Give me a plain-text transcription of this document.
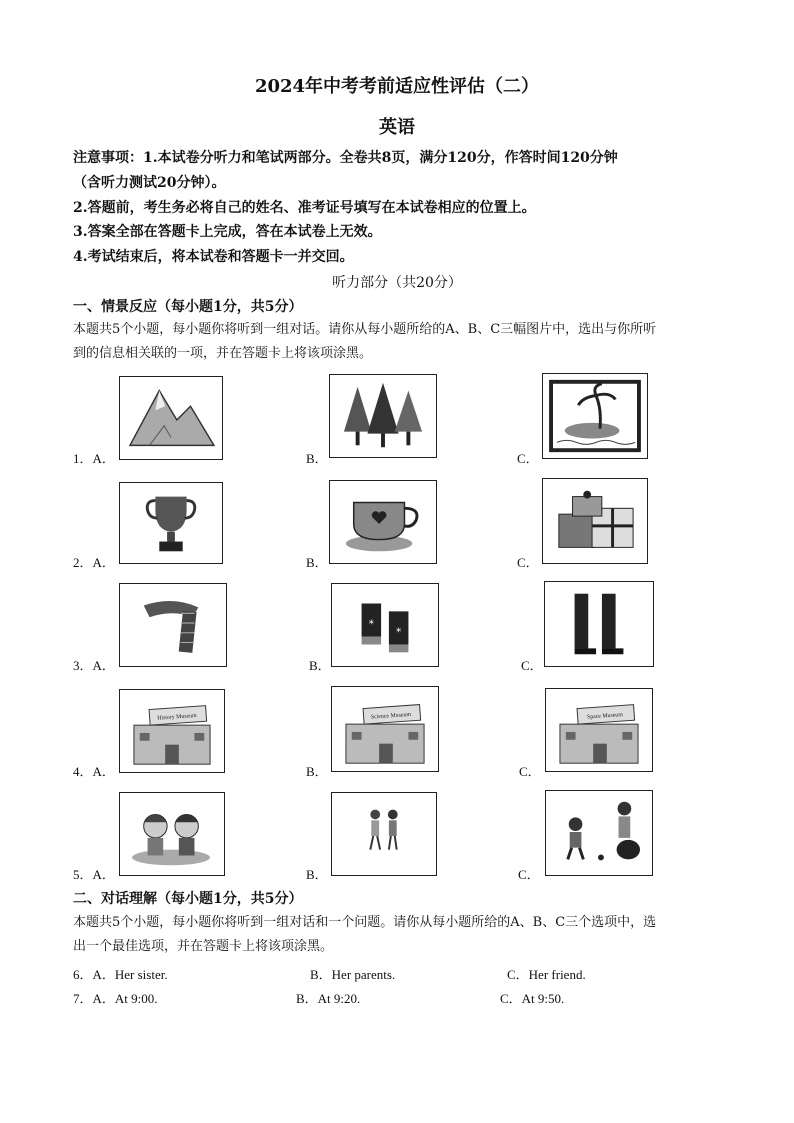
2024年中考考前适应性评估（二）
英语
注意事项：1.本试卷分听力和笔试两部分。全卷共8页，满分120分，作答时间120分钟
（含听力测试20分钟）。
2.答题前，考生务必将自己的姓名、准考证号填写在本试卷相应的位置上。
3.答案全部在答题卡上完成，答在本试卷上无效。
4.考试结束后，将本试卷和答题卡一并交回。
听力部分（共20分）
一、情景反应（每小题1分，共5分）
本题共5个小题，每小题你将听到一组对话。请你从每小题所给的A、B、C三幅图片中，选出与你所听
到的信息相关联的一项，并在答题卡上将该项涂黑。
1．A．	B．	C．
2．A．	B．	C．
3．A．	B．
*
*
C．
4．A．
History Museum
B．
Science Museum
C．
Space Museum
5．A．	B．	C．
二、对话理解（每小题1分，共5分）
本题共5个小题，每小题你将听到一组对话和一个问题。请你从每小题所给的A、B、C三个选项中，选
出一个最佳选项，并在答题卡上将该项涂黑。
6．A．Her sister.	B．Her parents.	C．Her friend.
7．A．At 9:00.	B．At 9:20.	C．At 9:50.
